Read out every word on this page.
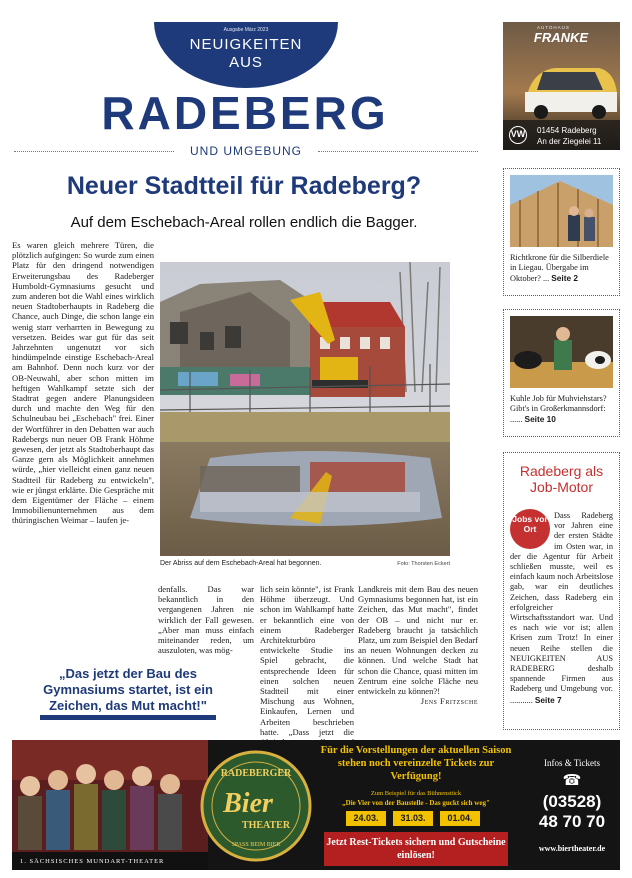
Ausgabe März 2023
NEUIGKEITEN
AUS
RADEBERG
UND UMGEBUNG
Neuer Stadtteil für Radeberg?
Auf dem Eschebach-Areal rollen endlich die Bagger.
Es waren gleich mehrere Türen, die plötzlich aufgingen: So wurde zum einen Platz für den dringend notwendigen Erweiterungsbau des Radeberger Humboldt-Gymnasiums gesucht und zum anderen bot die Wahl eines wirklich neuen Stadtoberhaupts in Radeberg die Chance, auch Dinge, die schon lange ein wenig starr verharrten in Bewegung zu versetzen. Beides war gut für das seit Jahrzehnten ungenutzt vor sich hindümpelnde einstige Eschebach-Areal am Bahnhof. Denn noch kurz vor der OB-Neuwahl, aber schon mitten im heftigen Wahlkampf setzte sich der Stadtrat gegen andere Planungsideen durch und machte den Weg für den Schulneubau bei „Eschebach" frei. Einer der Wortführer in den Debatten war auch Radebergs nun neuer OB Frank Höhme gewesen, der jetzt als Stadtoberhaupt das Ganze gern als Möglichkeit annehmen würde, „hier vielleicht einen ganz neuen Stadtteil für Radeberg zu entwickeln", wie er jüngst erklärte. Die Gespräche mit dem Eigentümer der Fläche – einem Immobilienunternehmen aus dem thüringischen Weimar – laufen je-
denfalls. Das war bekanntlich in den vergangenen Jahren nie wirklich der Fall gewesen. „Aber man muss einfach miteinander reden, um auszuloten, was mög-
lich sein könnte", ist Frank Höhme überzeugt. Und schon im Wahlkampf hatte er bekanntlich eine von einem Radeberger Architekturbüro entwickelte Studie ins Spiel gebracht, die entsprechende Ideen für einen solchen neuen Stadtteil mit einer Mischung aus Wohnen, Einkaufen, Lernen und Arbeiten beschrieben hatte. „Dass jetzt die
Landkreis mit dem Bau des neuen Gymnasiums begonnen hat, ist ein Zeichen, das Mut macht", findet der OB – und nicht nur er. Radeberg braucht ja tatsächlich Platz, um zum Beispiel den Bedarf an neuen Wohnungen decken zu können. Und welche Stadt hat schon die Chance, quasi mitten im Zentrum eine solche Fläche neu entwickeln zu können?!
Jens Fritzsche
Der Abriss auf dem Eschebach-Areal hat begonnen.	Foto: Thorsten Eckert
„Das jetzt der Bau des Gymnasiums startet, ist ein Zeichen, das Mut macht!"
AUTOHAUS
FRANKE
VW 01454 Radeberg
An der Ziegelei 11
Richtkrone für die Silberdiele in Liegau. Übergabe im Oktober? ... Seite 2
Kuhle Job für Muhviehstars? Gibt's in Großerkmannsdorf: ...... Seite 10
Radeberg als Job-Motor
Dass Radeberg vor Jahren eine der ersten Städte im Osten war, in der die Agentur für Arbeit schließen musste, weil es einfach kaum noch Arbeitslose gab, war ein deutliches Zeichen, dass Radeberg ein erfolgreicher Wirtschaftsstandort war. Und es nach wie vor ist; allen Krisen zum Trotz! In einer neuen Reihe stellen die NEUIGKEITEN AUS RADEBERG deshalb spannende Firmen aus Radeberg und Umgebung vor. ........... Seite 7
Jobs vor Ort
1. SÄCHSISCHES MUNDART-THEATER
RADEBERGER
Bier
THEATER
SPASS BEIM BIER
Für die Vorstellungen der aktuellen Saison stehen noch vereinzelte Tickets zur Verfügung!
Zum Beispiel für das Bühnenstück
„Die Vier von der Baustelle - Das guckt sich weg"
24.03.	31.03.	01.04.
Jetzt Rest-Tickets sichern und Gutscheine einlösen!
Infos & Tickets
☎
(03528)
48 70 70
www.biertheater.de
